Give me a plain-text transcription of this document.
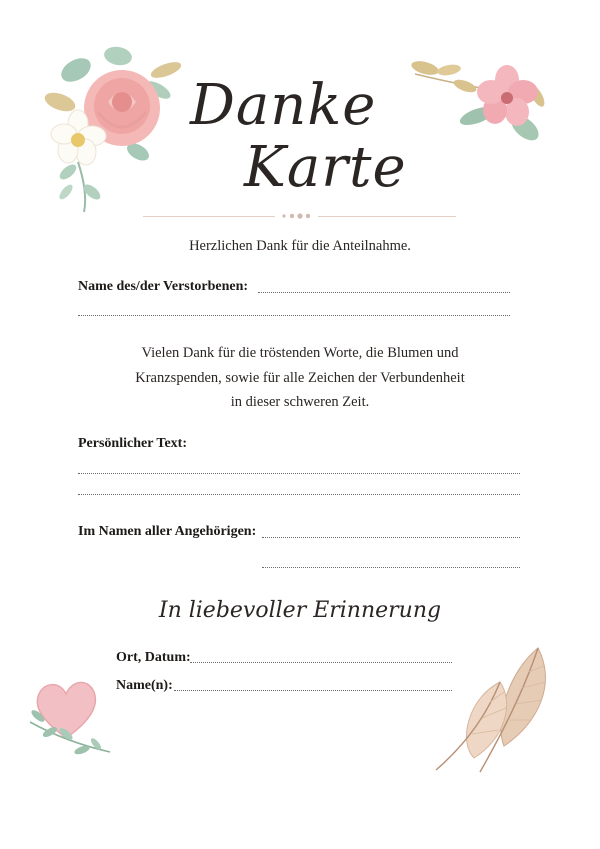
Danke
Karte
Herzlichen Dank für die Anteilnahme.
Name des/der Verstorbenen:
Vielen Dank für die tröstenden Worte, die Blumen und
Kranzspenden, sowie für alle Zeichen der Verbundenheit
in dieser schweren Zeit.
Persönlicher Text:
Im Namen aller Angehörigen:
In liebevoller Erinnerung
Ort, Datum:
Name(n):
